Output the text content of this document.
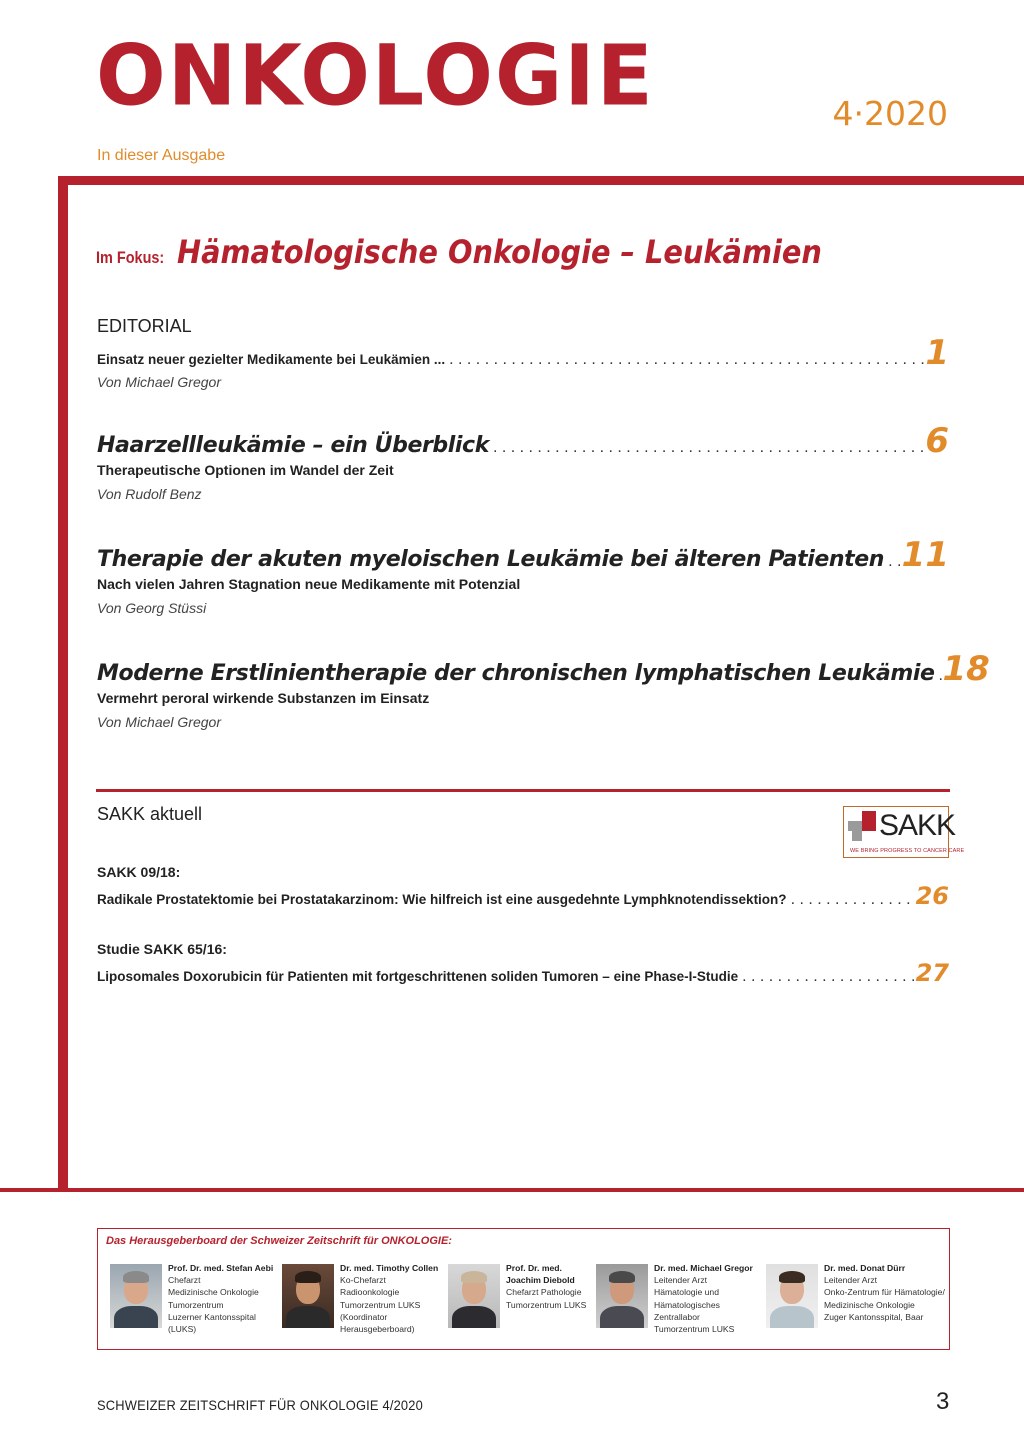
ONKOLOGIE	4·2020
In dieser Ausgabe
Im Fokus: Hämatologische Onkologie – Leukämien
EDITORIAL
Einsatz neuer gezielter Medikamente bei Leukämien ... . . .	1
Von Michael Gregor
Haarzellleukämie – ein Überblick . . .	6
Therapeutische Optionen im Wandel der Zeit
Von Rudolf Benz
Therapie der akuten myeloischen Leukämie bei älteren Patienten . . . 11
Nach vielen Jahren Stagnation neue Medikamente mit Potenzial
Von Georg Stüssi
Moderne Erstlinientherapie der chronischen lymphatischen Leukämie . . . 18
Vermehrt peroral wirkende Substanzen im Einsatz
Von Michael Gregor
SAKK aktuell	SAKK
WE BRING PROGRESS TO CANCER CARE
SAKK 09/18:
Radikale Prostatektomie bei Prostatakarzinom: Wie hilfreich ist eine ausgedehnte Lymphknotendissektion? . . .	26
Studie SAKK 65/16:
Liposomales Doxorubicin für Patienten mit fortgeschrittenen soliden Tumoren – eine Phase-I-Studie . . .	27
Das Herausgeberboard der Schweizer Zeitschrift für ONKOLOGIE:
Prof. Dr. med. Stefan Aebi
Chefarzt
Medizinische Onkologie
Tumorzentrum
Luzerner Kantonsspital
(LUKS)
Dr. med. Timothy Collen
Ko-Chefarzt
Radioonkologie
Tumorzentrum LUKS
(Koordinator
Herausgeberboard)
Prof. Dr. med.
Joachim Diebold
Chefarzt Pathologie
Tumorzentrum LUKS
Dr. med. Michael Gregor
Leitender Arzt
Hämatologie und
Hämatologisches
Zentrallabor
Tumorzentrum LUKS
Dr. med. Donat Dürr
Leitender Arzt
Onko-Zentrum für Hämatologie/
Medizinische Onkologie
Zuger Kantonsspital, Baar
SCHWEIZER ZEITSCHRIFT FÜR ONKOLOGIE 4/2020	3
